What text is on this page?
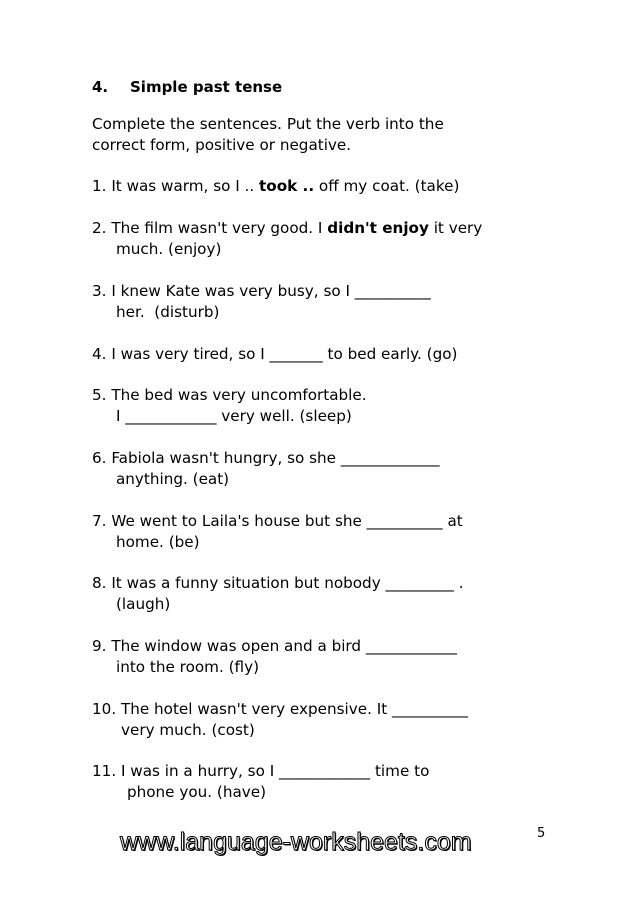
4. Simple past tense
Complete the sentences. Put the verb into the
correct form, positive or negative.
1. It was warm, so I .. took .. off my coat. (take)
2. The film wasn't very good. I didn't enjoy it very
much. (enjoy)
3. I knew Kate was very busy, so I __________
her.  (disturb)
4. I was very tired, so I _______ to bed early. (go)
5. The bed was very uncomfortable.
I ____________ very well. (sleep)
6. Fabiola wasn't hungry, so she _____________
anything. (eat)
7. We went to Laila's house but she __________ at
home. (be)
8. It was a funny situation but nobody _________ .
(laugh)
9. The window was open and a bird ____________
into the room. (fly)
10. The hotel wasn't very expensive. It __________
very much. (cost)
11. I was in a hurry, so I ____________ time to
phone you. (have)
www.language-worksheets.com	5
